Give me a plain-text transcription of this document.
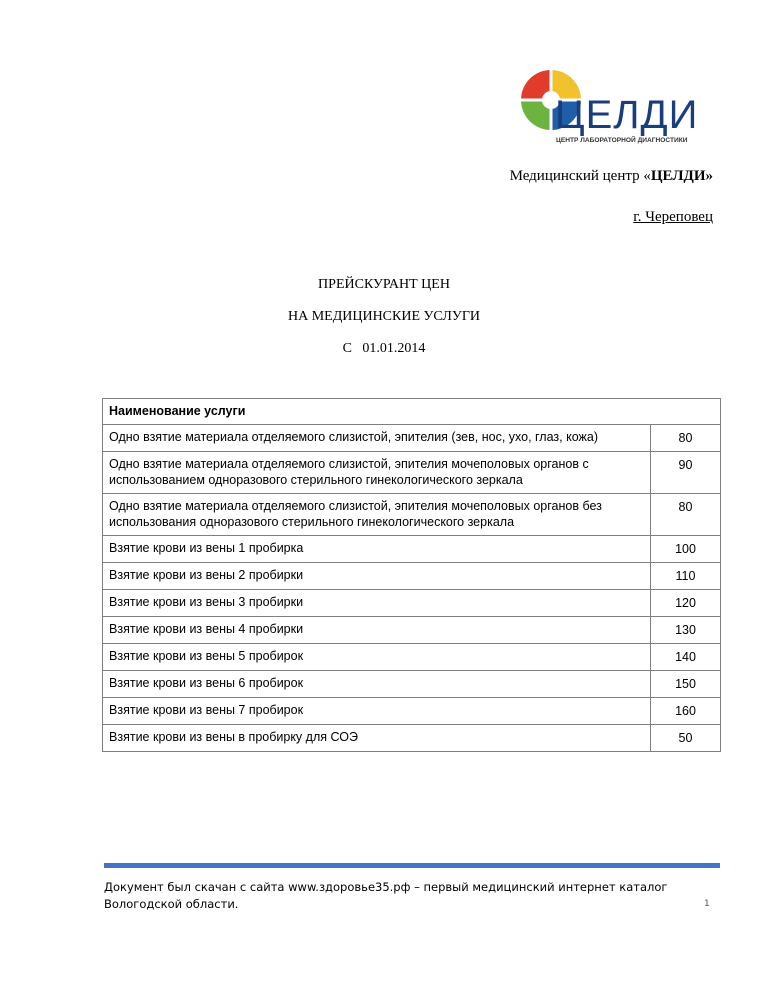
ЦЕЛДИ
ЦЕНТР ЛАБОРАТОРНОЙ ДИАГНОСТИКИ
Медицинский центр «ЦЕЛДИ»
г. Череповец
ПРЕЙСКУРАНТ ЦЕН
НА МЕДИЦИНСКИЕ УСЛУГИ
С   01.01.2014
Наименование услуги	
Одно взятие материала отделяемого слизистой, эпителия (зев, нос, ухо, глаз, кожа)	80
Одно взятие материала отделяемого слизистой, эпителия мочеполовых органов с использованием одноразового стерильного гинекологического зеркала	90
Одно взятие материала отделяемого слизистой, эпителия мочеполовых органов без использования одноразового стерильного гинекологического зеркала	80
Взятие крови из вены 1 пробирка	100
Взятие крови из вены 2 пробирки	110
Взятие крови из вены 3 пробирки	120
Взятие крови из вены 4 пробирки	130
Взятие крови из вены 5 пробирок	140
Взятие крови из вены 6 пробирок	150
Взятие крови из вены 7 пробирок	160
Взятие крови из вены в пробирку для СОЭ	50
Документ был скачан с сайта www.здоровье35.рф – первый медицинский интернет каталог Вологодской области.	1
